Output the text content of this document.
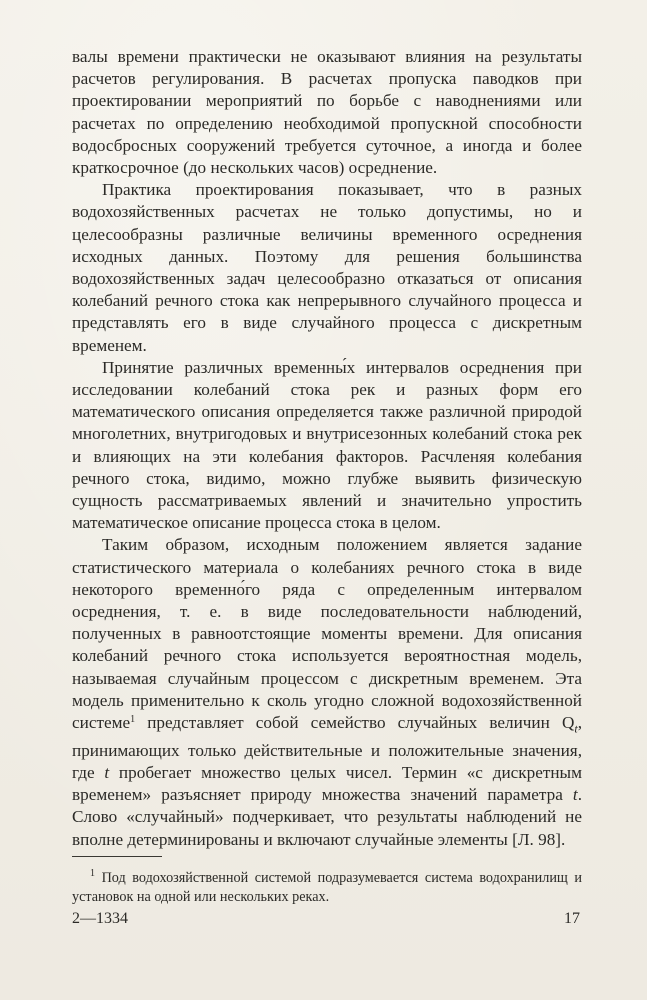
валы времени практически не оказывают влияния на результаты расчетов регулирования. В расчетах пропуска паводков при проектировании мероприятий по борьбе с наводнениями или расчетах по определению необходимой пропускной способности водосбросных сооружений требуется суточное, а иногда и более краткосрочное (до нескольких часов) осреднение.

Практика проектирования показывает, что в разных водохозяйственных расчетах не только допустимы, но и целесообразны различные величины временного осреднения исходных данных. Поэтому для решения большинства водохозяйственных задач целесообразно отказаться от описания колебаний речного стока как непрерывного случайного процесса и представлять его в виде случайного процесса с дискретным временем.

Принятие различных временны́х интервалов осреднения при исследовании колебаний стока рек и разных форм его математического описания определяется также различной природой многолетних, внутригодовых и внутрисезонных колебаний стока рек и влияющих на эти колебания факторов. Расчленяя колебания речного стока, видимо, можно глубже выявить физическую сущность рассматриваемых явлений и значительно упростить математическое описание процесса стока в целом.

Таким образом, исходным положением является задание статистического материала о колебаниях речного стока в виде некоторого временно́го ряда с определенным интервалом осреднения, т. е. в виде последовательности наблюдений, полученных в равноотстоящие моменты времени. Для описания колебаний речного стока используется вероятностная модель, называемая случайным процессом с дискретным временем. Эта модель применительно к сколь угодно сложной водохозяйственной системе$^1$ представляет собой семейство случайных величин $Q_t$, принимающих только действительные и положительные значения, где t пробегает множество целых чисел. Термин «с дискретным временем» разъясняет природу множества значений параметра t. Слово «случайный» подчеркивает, что результаты наблюдений не вполне детерминированы и включают случайные элементы [Л. 98].

$^1$ Под водохозяйственной системой подразумевается система водохранилищ и установок на одной или нескольких реках.

2—1334	17
